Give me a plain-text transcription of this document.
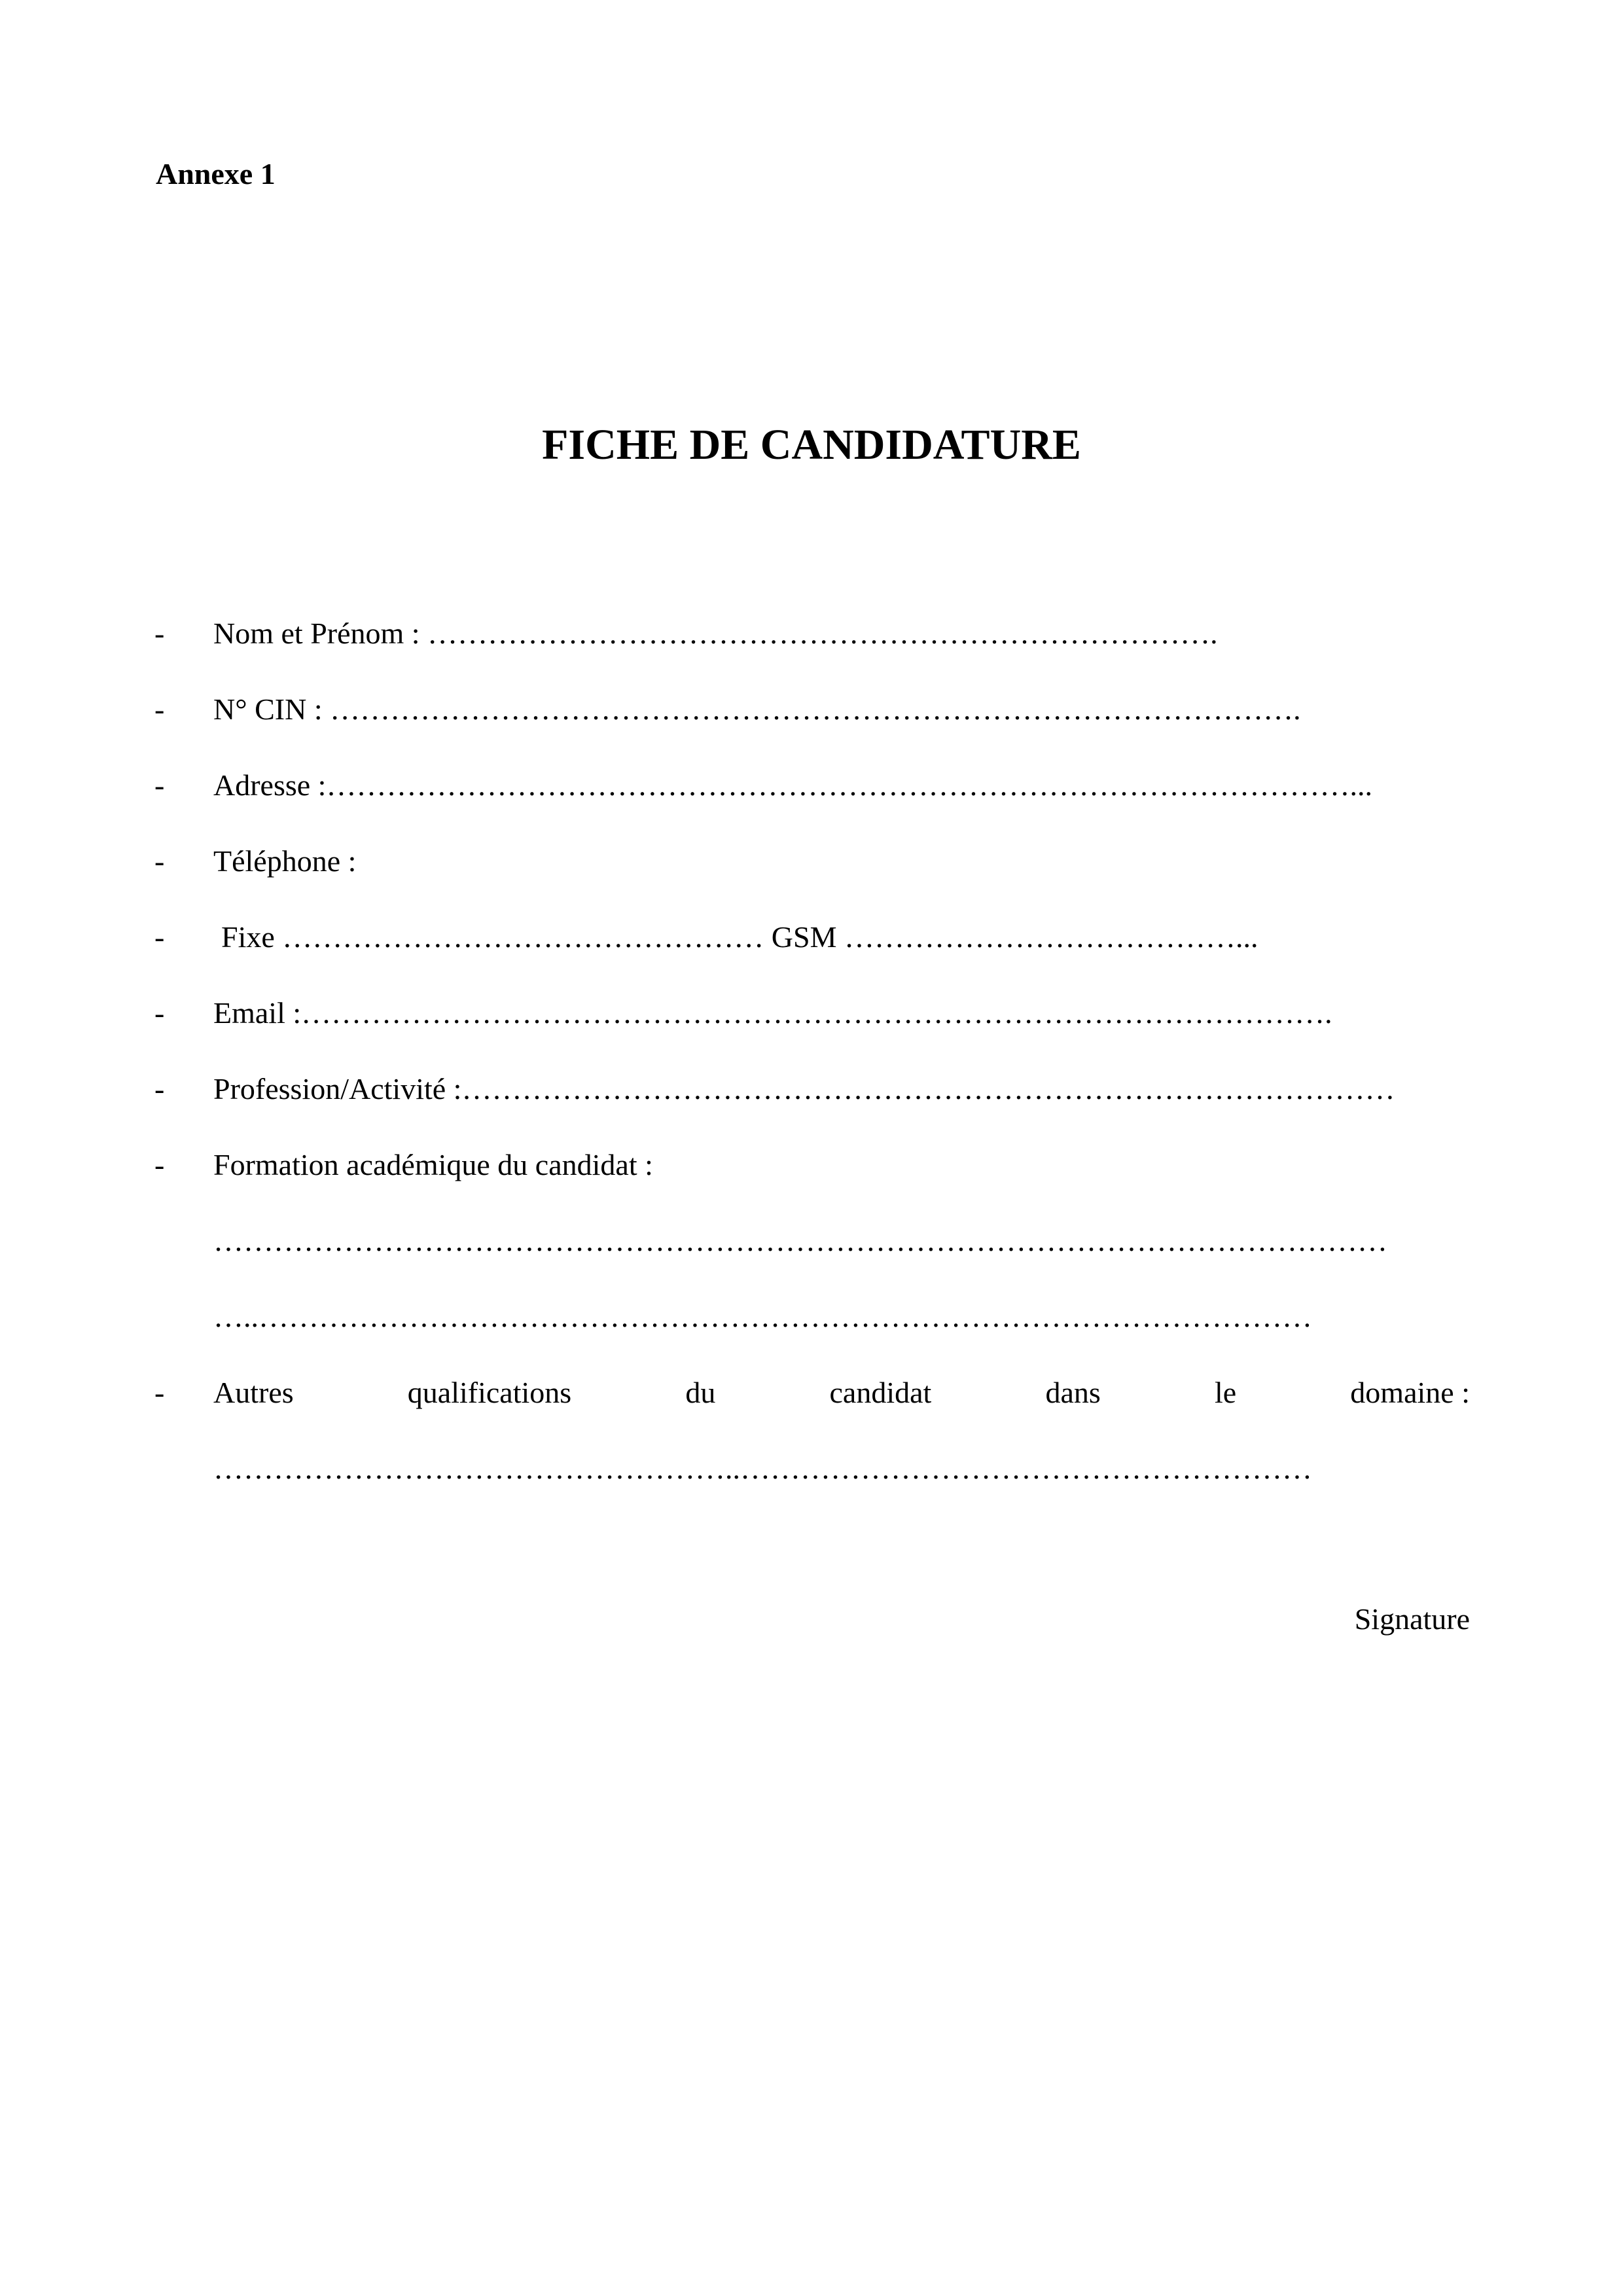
Annexe 1
FICHE DE CANDIDATURE
- Nom et Prénom : …………………………………………………………………….
- N° CIN : …………………………………………………………………………………….
- Adresse :…………………………………………………………………………………………...
- Téléphone :
- Fixe ………………………………………… GSM …………………………………...
- Email :………………………………………………………………………………………….
- Profession/Activité :…………………………………………………………………………………
- Formation académique du candidat :
………………………………………………………………………………………………………
…..……………………………………………………………………………………………
- Autres	qualifications	du	candidat	dans	le	domaine :
……………………………………………..…………………………………………………
Signature
